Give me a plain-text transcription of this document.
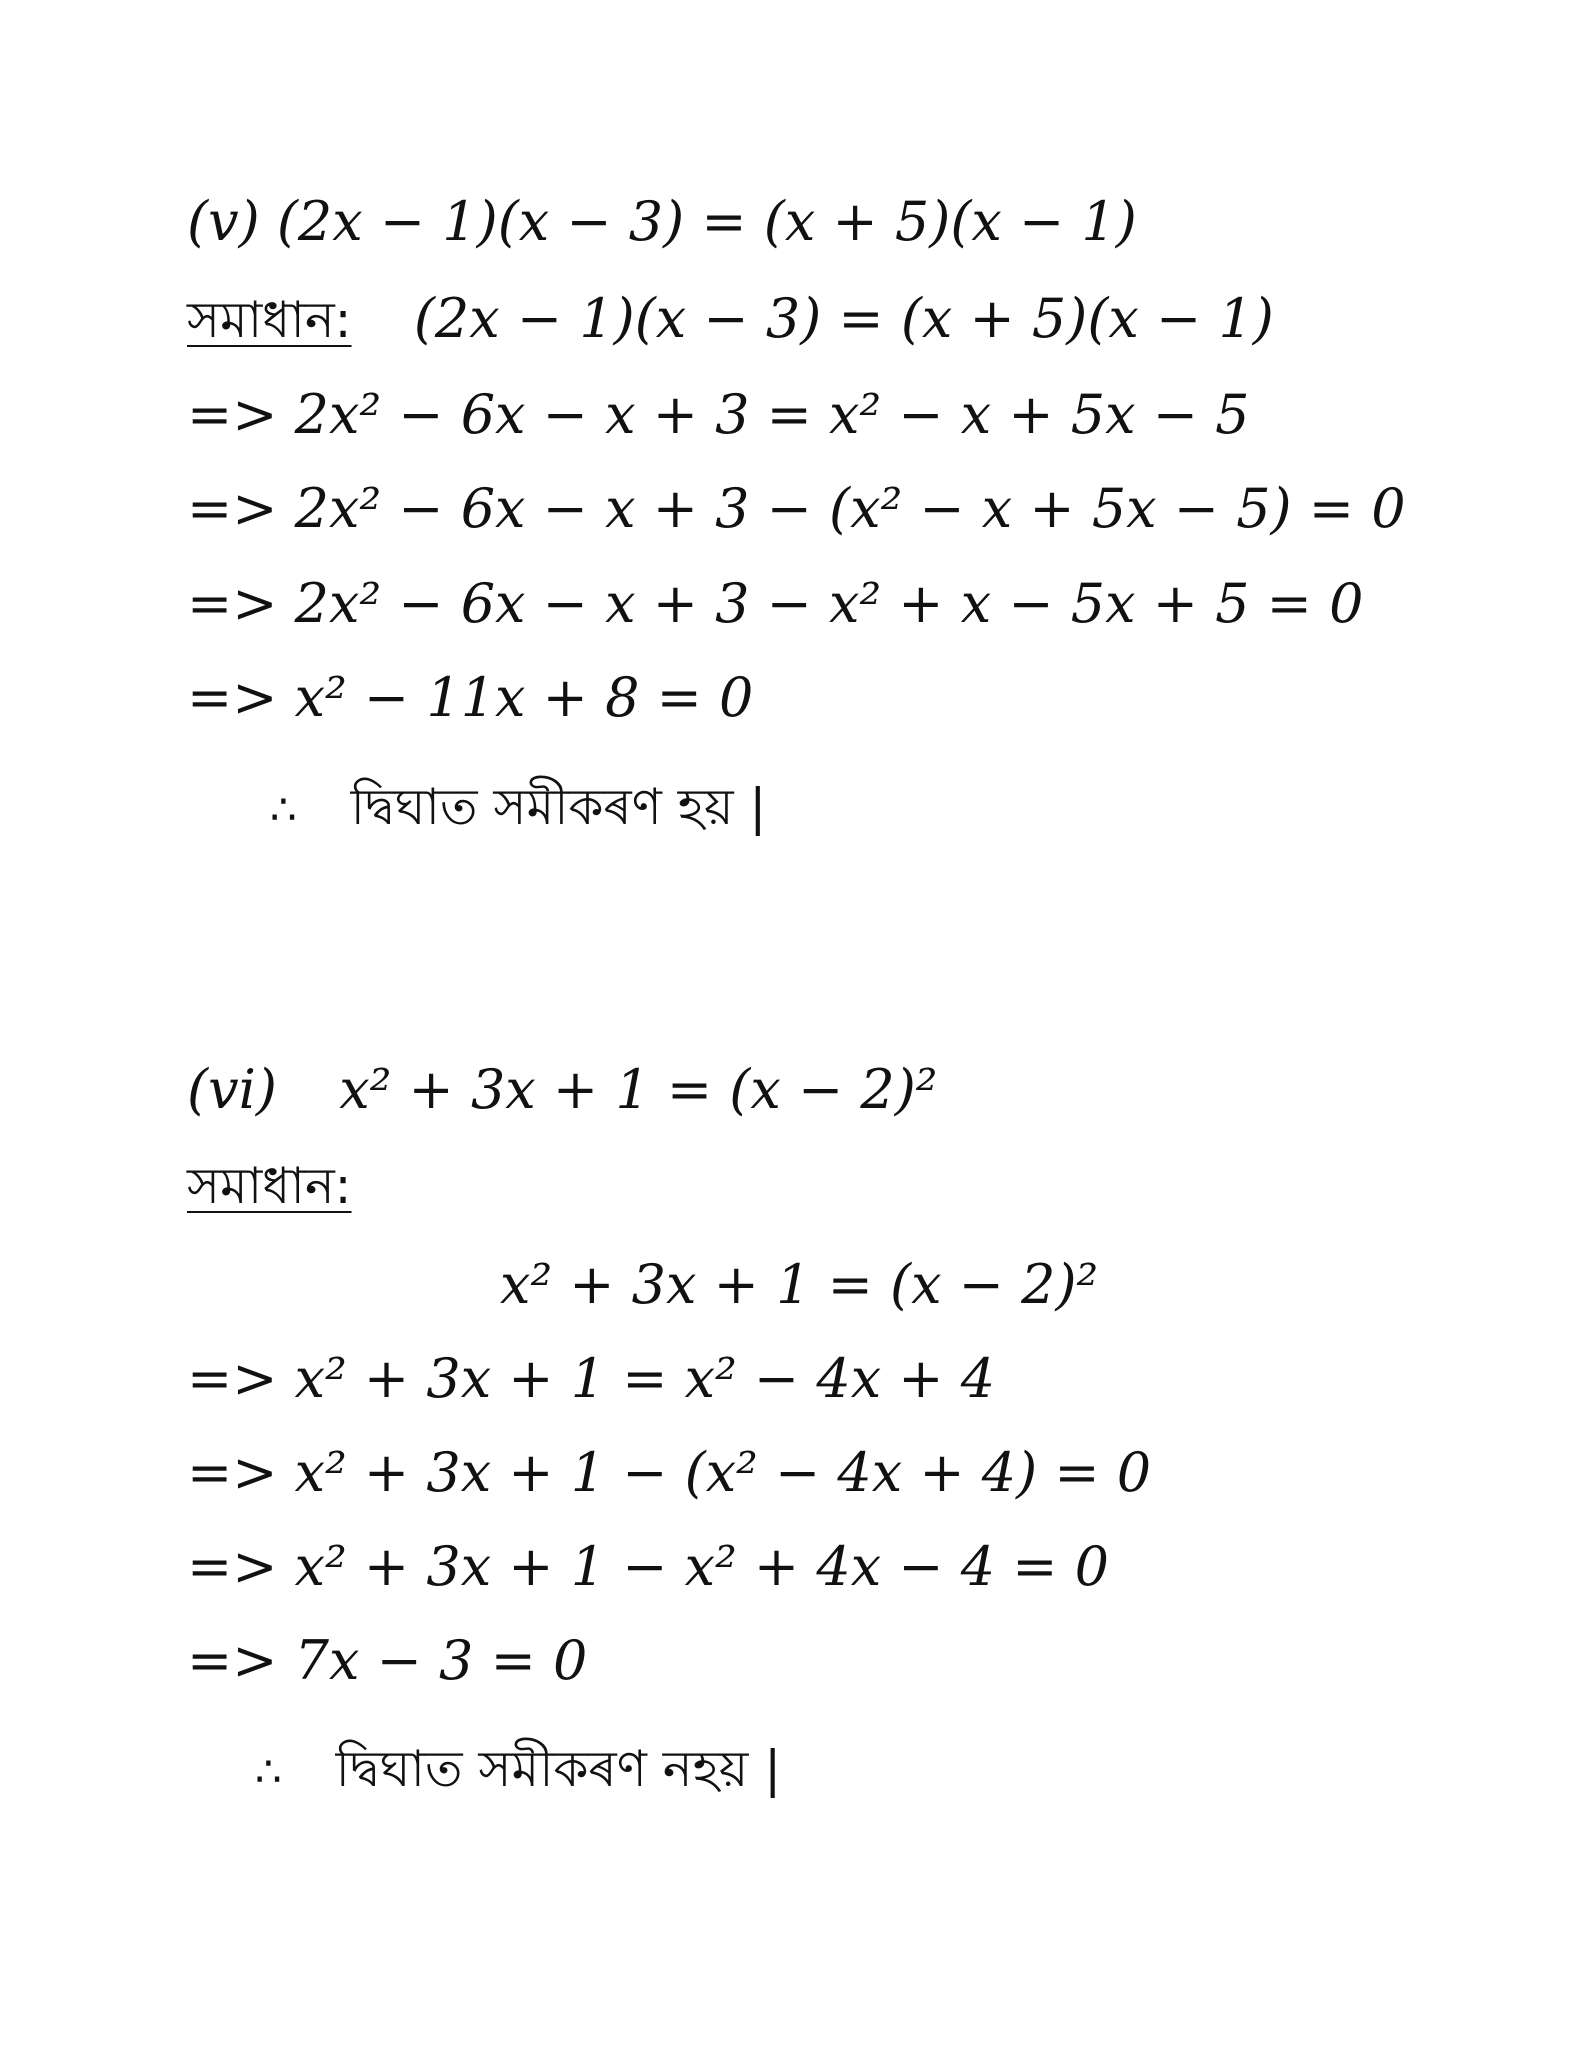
(v) (2x − 1)(x − 3) = (x + 5)(x − 1)
সমাধান: (2x − 1)(x − 3) = (x + 5)(x − 1)
=> 2x² − 6x − x + 3 = x² − x + 5x − 5
=> 2x² − 6x − x + 3 − (x² − x + 5x − 5) = 0
=> 2x² − 6x − x + 3 − x² + x − 5x + 5 = 0
=> x² − 11x + 8 = 0
∴ দ্বিঘাত সমীকৰণ হয় |
(vi) x² + 3x + 1 = (x − 2)²
সমাধান:
x² + 3x + 1 = (x − 2)²
=> x² + 3x + 1 = x² − 4x + 4
=> x² + 3x + 1 − (x² − 4x + 4) = 0
=> x² + 3x + 1 − x² + 4x − 4 = 0
=> 7x − 3 = 0
∴ দ্বিঘাত সমীকৰণ নহয় |
